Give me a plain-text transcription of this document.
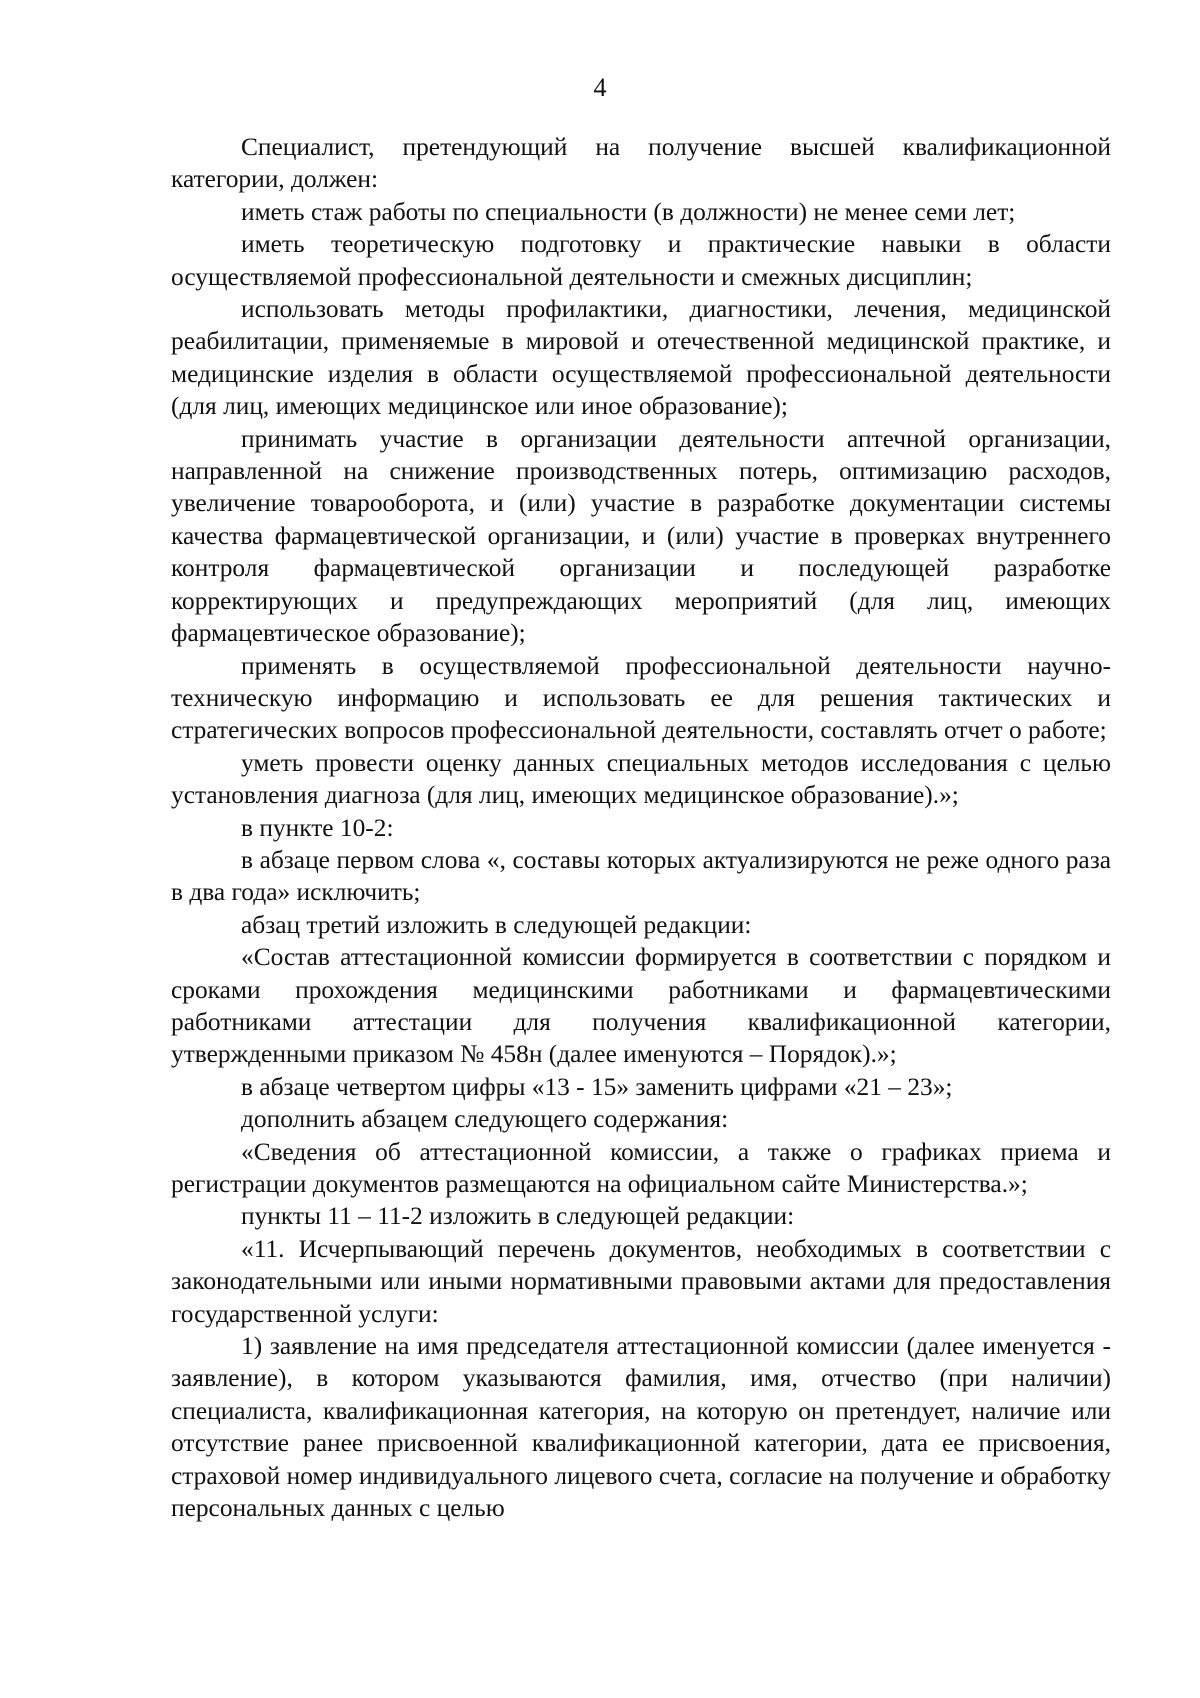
4

Специалист, претендующий на получение высшей квалификационной категории, должен:

иметь стаж работы по специальности (в должности) не менее семи лет;

иметь теоретическую подготовку и практические навыки в области осуществляемой профессиональной деятельности и смежных дисциплин;

использовать методы профилактики, диагностики, лечения, медицинской реабилитации, применяемые в мировой и отечественной медицинской практике, и медицинские изделия в области осуществляемой профессиональной деятельности (для лиц, имеющих медицинское или иное образование);

принимать участие в организации деятельности аптечной организации, направленной на снижение производственных потерь, оптимизацию расходов, увеличение товарооборота, и (или) участие в разработке документации системы качества фармацевтической организации, и (или) участие в проверках внутреннего контроля фармацевтической организации и последующей разработке корректирующих и предупреждающих мероприятий (для лиц, имеющих фармацевтическое образование);

применять в осуществляемой профессиональной деятельности научно-техническую информацию и использовать ее для решения тактических и стратегических вопросов профессиональной деятельности, составлять отчет о работе;

уметь провести оценку данных специальных методов исследования с целью установления диагноза (для лиц, имеющих медицинское образование).»;

в пункте 10-2:

в абзаце первом слова «, составы которых актуализируются не реже одного раза в два года» исключить;

абзац третий изложить в следующей редакции:

«Состав аттестационной комиссии формируется в соответствии с порядком и сроками прохождения медицинскими работниками и фармацевтическими работниками аттестации для получения квалификационной категории, утвержденными приказом № 458н (далее именуются – Порядок).»;

в абзаце четвертом цифры «13 - 15» заменить цифрами «21 – 23»;

дополнить абзацем следующего содержания:

«Сведения об аттестационной комиссии, а также о графиках приема и регистрации документов размещаются на официальном сайте Министерства.»;

пункты 11 – 11-2 изложить в следующей редакции:

«11. Исчерпывающий перечень документов, необходимых в соответствии с законодательными или иными нормативными правовыми актами для предоставления государственной услуги:

1) заявление на имя председателя аттестационной комиссии (далее именуется - заявление), в котором указываются фамилия, имя, отчество (при наличии) специалиста, квалификационная категория, на которую он претендует, наличие или отсутствие ранее присвоенной квалификационной категории, дата ее присвоения, страховой номер индивидуального лицевого счета, согласие на получение и обработку персональных данных с целью
